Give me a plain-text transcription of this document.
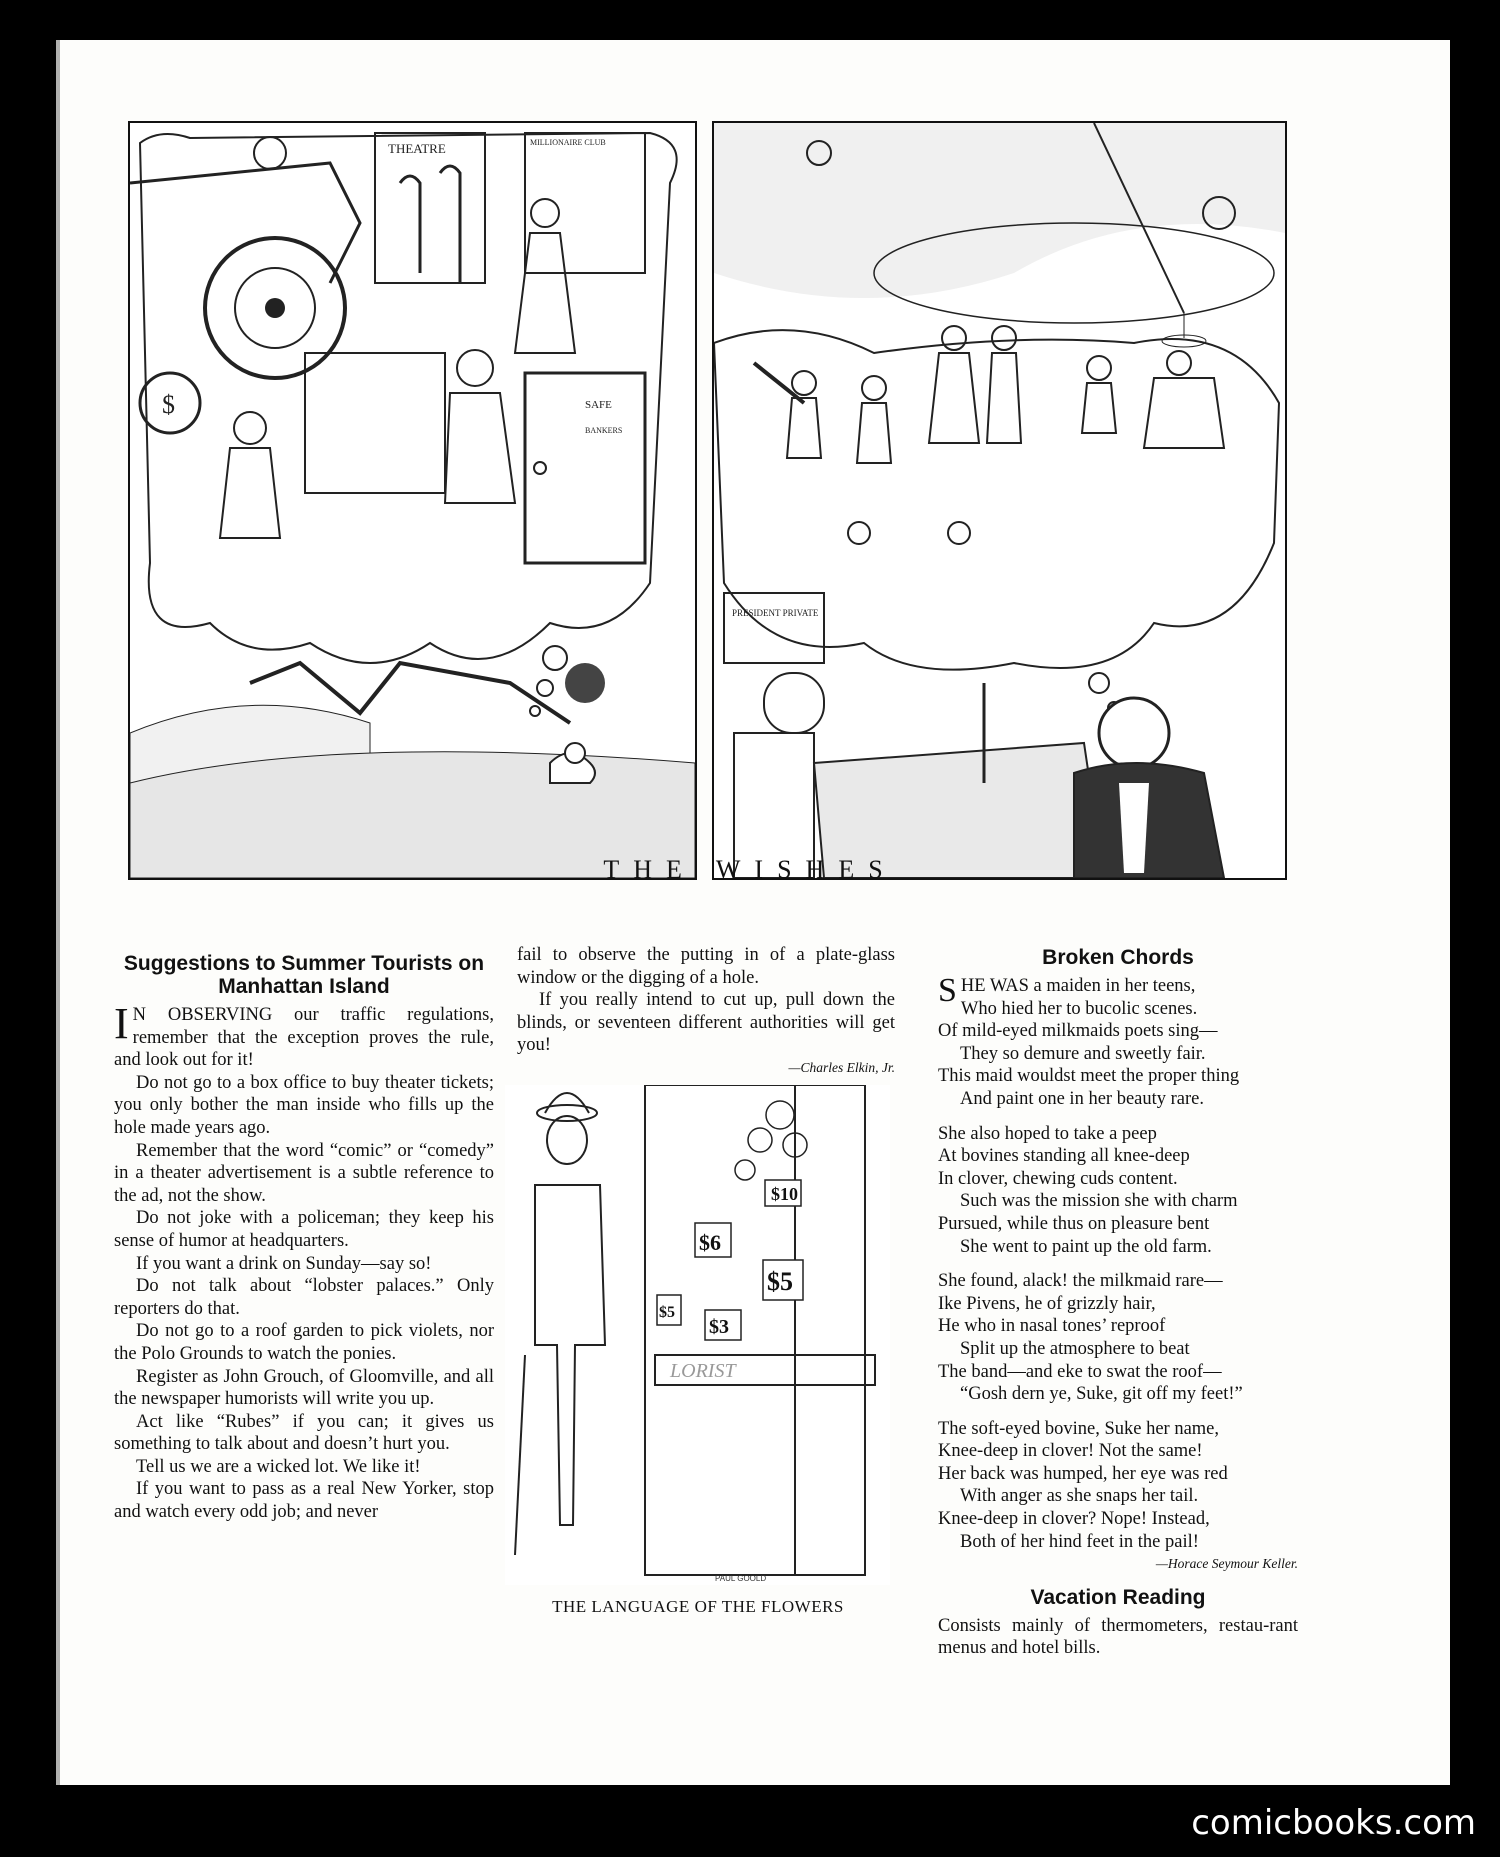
THEATRE	MILLIONAIRE CLUB
$	SAFE
BANKERS
PRESIDENT PRIVATE
THE WISHES
Suggestions to Summer Tourists on Manhattan Island

I N OBSERVING our traffic regulations, remember that the exception proves the rule, and look out for it!

Do not go to a box office to buy theater tickets; you only bother the man inside who fills up the hole made years ago.

Remember that the word “comic” or “comedy” in a theater advertisement is a subtle reference to the ad, not the show.

Do not joke with a policeman; they keep his sense of humor at headquarters.

If you want a drink on Sunday—say so!

Do not talk about “lobster palaces.” Only reporters do that.

Do not go to a roof garden to pick violets, nor the Polo Grounds to watch the ponies.

Register as John Grouch, of Gloomville, and all the newspaper humorists will write you up.

Act like “Rubes” if you can; it gives us something to talk about and doesn’t hurt you.

Tell us we are a wicked lot. We like it!

If you want to pass as a real New Yorker, stop and watch every odd job; and never

fail to observe the putting in of a plate-glass window or the digging of a hole.

If you really intend to cut up, pull down the blinds, or seventeen different authorities will get you!

—Charles Elkin, Jr.
LORIST
$10
$6
$5
$3
$5
PAUL GOOLD
THE LANGUAGE OF THE FLOWERS
Broken Chords
SHE WAS a maiden in her teens,
Who hied her to bucolic scenes.
Of mild-eyed milkmaids poets sing—
They so demure and sweetly fair.
This maid wouldst meet the proper thing
And paint one in her beauty rare.
She also hoped to take a peep
At bovines standing all knee-deep
In clover, chewing cuds content.
Such was the mission she with charm
Pursued, while thus on pleasure bent
She went to paint up the old farm.
She found, alack! the milkmaid rare—
Ike Pivens, he of grizzly hair,
He who in nasal tones’ reproof
Split up the atmosphere to beat
The band—and eke to swat the roof—
“Gosh dern ye, Suke, git off my feet!”
The soft-eyed bovine, Suke her name,
Knee-deep in clover! Not the same!
Her back was humped, her eye was red
With anger as she snaps her tail.
Knee-deep in clover? Nope! Instead,
Both of her hind feet in the pail!
—Horace Seymour Keller.
Vacation Reading

Consists mainly of thermometers, restau-rant menus and hotel bills.

comicbooks.com
